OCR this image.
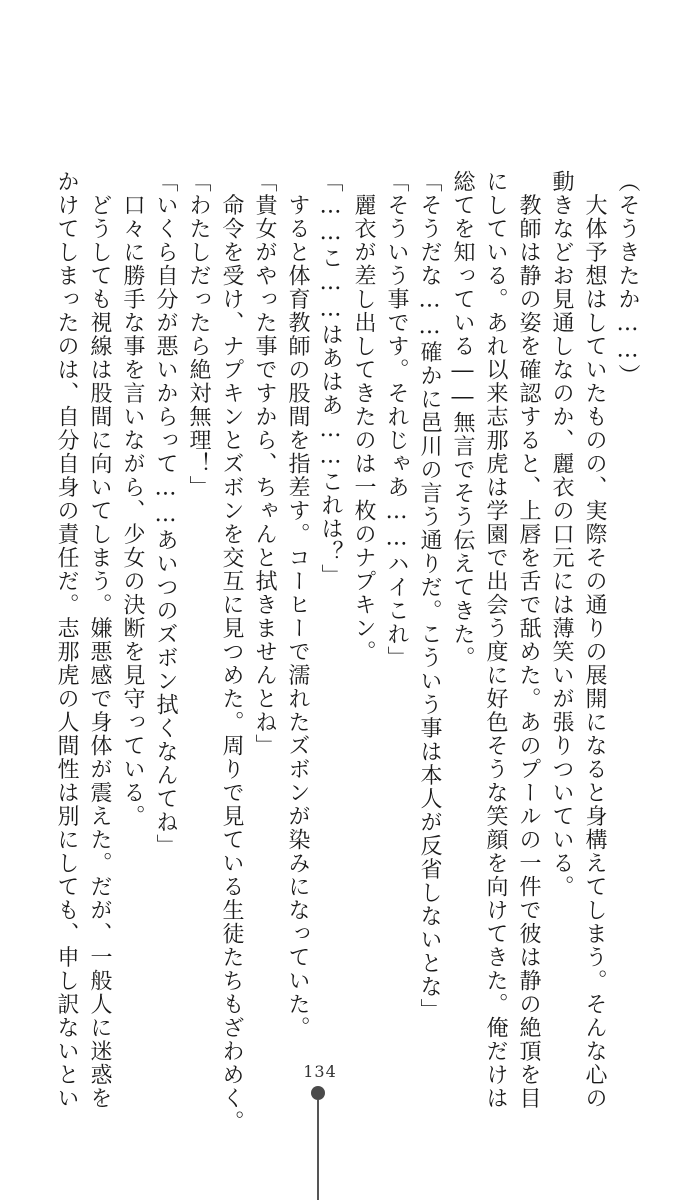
（そうきたか……）
　大体予想はしていたものの、実際その通りの展開になると身構えてしまう。そんな心の
動きなどお見通しなのか、麗衣の口元には薄笑いが張りついている。
　教師は静の姿を確認すると、上唇を舌で舐めた。あのプールの一件で彼は静の絶頂を目
にしている。あれ以来志那虎は学園で出会う度に好色そうな笑顔を向けてきた。俺だけは
総てを知っている――無言でそう伝えてきた。
「そうだな……確かに邑川の言う通りだ。こういう事は本人が反省しないとな」
「そういう事です。それじゃあ……ハイこれ」
　麗衣が差し出してきたのは一枚のナプキン。
「……こ……はあはあ……これは？」
　すると体育教師の股間を指差す。コーヒーで濡れたズボンが染みになっていた。
「貴女がやった事ですから、ちゃんと拭きませんとね」
　命令を受け、ナプキンとズボンを交互に見つめた。周りで見ている生徒たちもざわめく。
「わたしだったら絶対無理！」
「いくら自分が悪いからって……あいつのズボン拭くなんてね」
　口々に勝手な事を言いながら、少女の決断を見守っている。
　どうしても視線は股間に向いてしまう。嫌悪感で身体が震えた。だが、一般人に迷惑を
かけてしまったのは、自分自身の責任だ。志那虎の人間性は別にしても、申し訳ないとい	134
